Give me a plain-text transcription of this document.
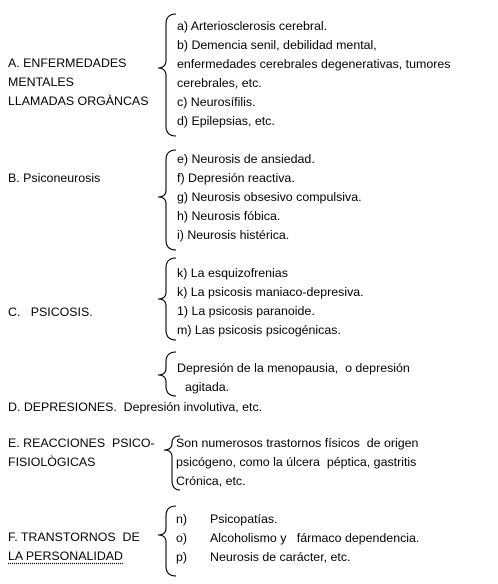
A. ENFERMEDADES
MENTALES
LLAMADAS ORGÀNCAS
a) Arteriosclerosis cerebral.
b) Demencia senil, debilidad mental,
enfermedades cerebrales degenerativas, tumores
cerebrales, etc.
c) Neurosífilis.
d) Epilepsias, etc.
B. Psiconeurosis
e) Neurosis de ansiedad.
f) Depresión reactiva.
g) Neurosis obsesivo compulsiva.
h) Neurosis fóbica.
i) Neurosis histérica.
C.   PSICOSIS.
k) La esquizofrenias
k) La psicosis maniaco-depresiva.
1) La psicosis paranoide.
m) Las psicosis psicogénicas.
Depresión de la menopausia,  o depresión
agitada.
D. DEPRESIONES.  Depresión involutiva, etc.
E. REACCIONES  PSICO-
FISIOLÒGICAS
Son numerosos trastornos físicos  de origen
psicógeno, como la úlcera  péptica, gastritis
Crónica, etc.
F. TRANSTORNOS  DE
LA PERSONALIDAD
n)	Psicopatías.
o)	Alcoholismo y   fármaco dependencia.
p)	Neurosis de carácter, etc.
